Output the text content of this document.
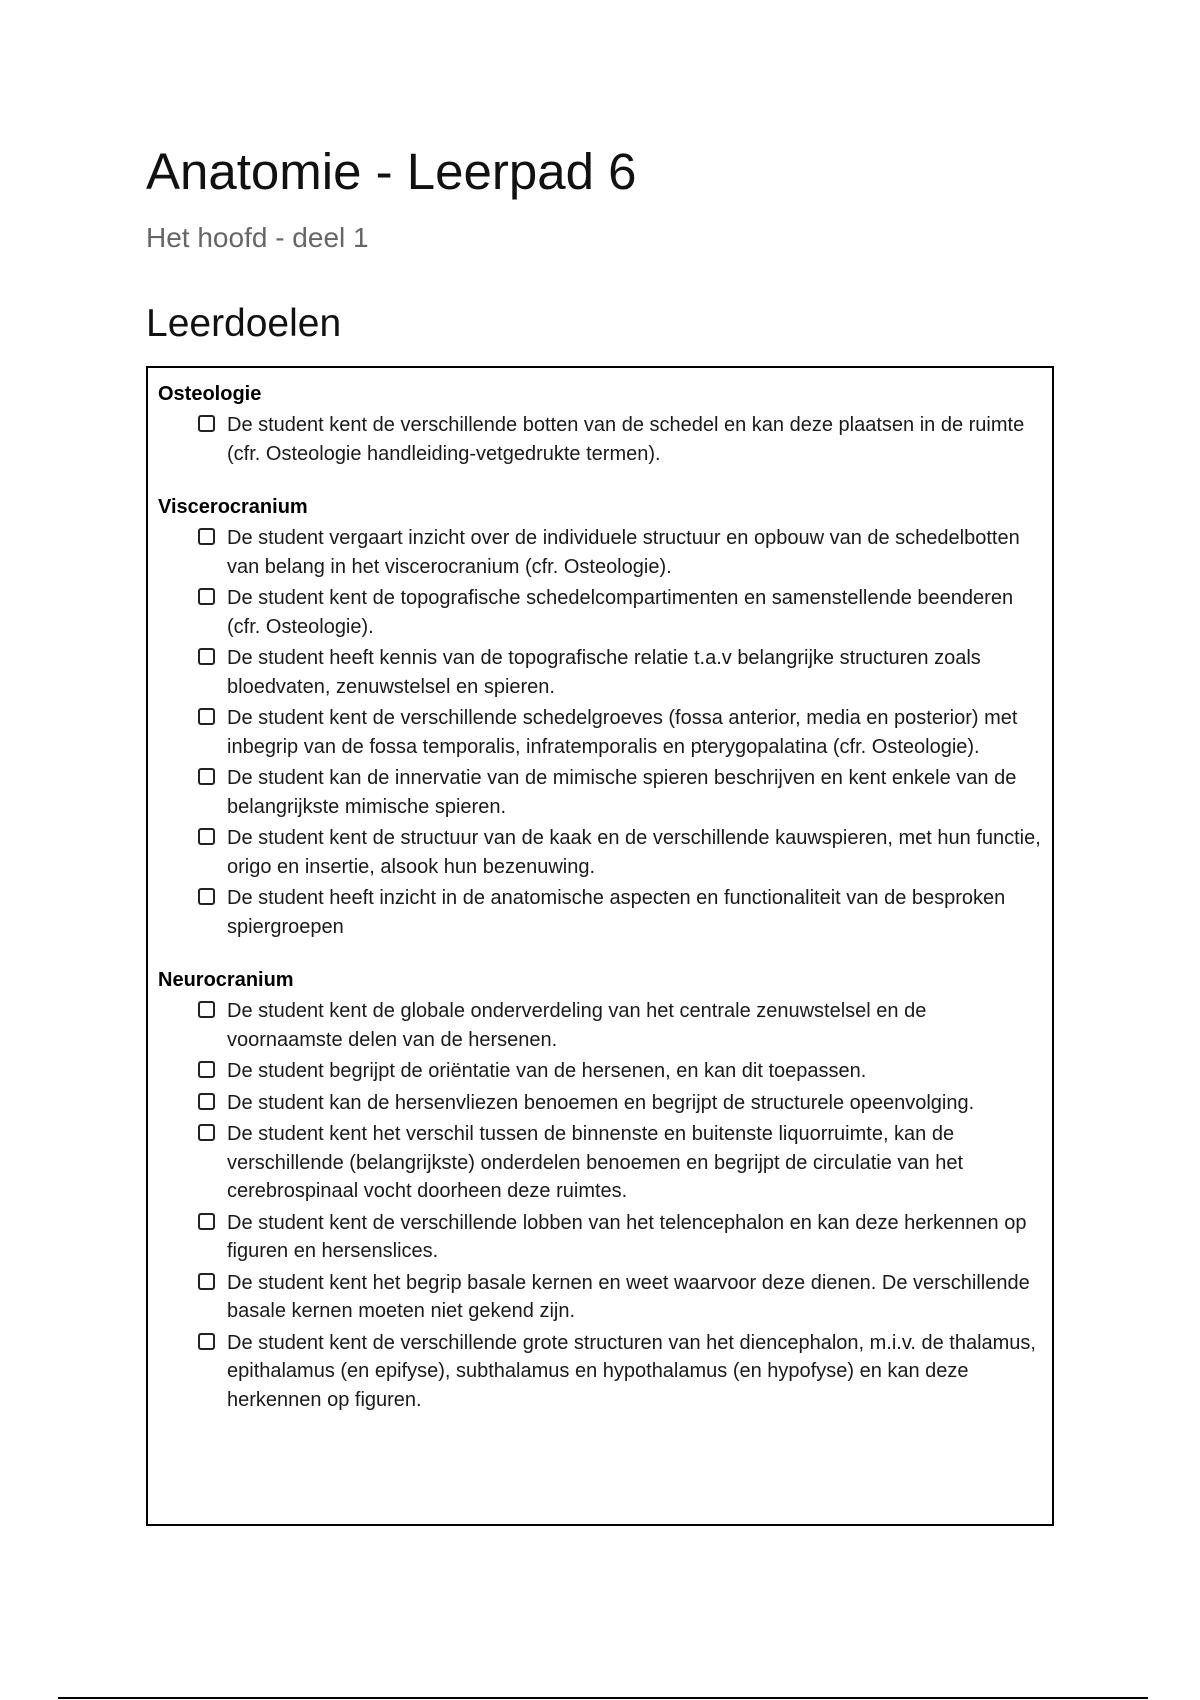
Anatomie - Leerpad 6
Het hoofd - deel 1
Leerdoelen
Osteologie
De student kent de verschillende botten van de schedel en kan deze plaatsen in de ruimte (cfr. Osteologie handleiding-vetgedrukte termen).
Viscerocranium
De student vergaart inzicht over de individuele structuur en opbouw van de schedelbotten van belang in het viscerocranium (cfr. Osteologie).
De student kent de topografische schedelcompartimenten en samenstellende beenderen (cfr. Osteologie).
De student heeft kennis van de topografische relatie t.a.v belangrijke structuren zoals bloedvaten, zenuwstelsel en spieren.
De student kent de verschillende schedelgroeves (fossa anterior, media en posterior) met inbegrip van de fossa temporalis, infratemporalis en pterygopalatina (cfr. Osteologie).
De student kan de innervatie van de mimische spieren beschrijven en kent enkele van de belangrijkste mimische spieren.
De student kent de structuur van de kaak en de verschillende kauwspieren, met hun functie, origo en insertie, alsook hun bezenuwing.
De student heeft inzicht in de anatomische aspecten en functionaliteit van de besproken spiergroepen
Neurocranium
De student kent de globale onderverdeling van het centrale zenuwstelsel en de voornaamste delen van de hersenen.
De student begrijpt de oriëntatie van de hersenen, en kan dit toepassen.
De student kan de hersenvliezen benoemen en begrijpt de structurele opeenvolging.
De student kent het verschil tussen de binnenste en buitenste liquorruimte, kan de verschillende (belangrijkste) onderdelen benoemen en begrijpt de circulatie van het cerebrospinaal vocht doorheen deze ruimtes.
De student kent de verschillende lobben van het telencephalon en kan deze herkennen op figuren en hersenslices.
De student kent het begrip basale kernen en weet waarvoor deze dienen. De verschillende basale kernen moeten niet gekend zijn.
De student kent de verschillende grote structuren van het diencephalon, m.i.v. de thalamus, epithalamus (en epifyse), subthalamus en hypothalamus (en hypofyse) en kan deze herkennen op figuren.
